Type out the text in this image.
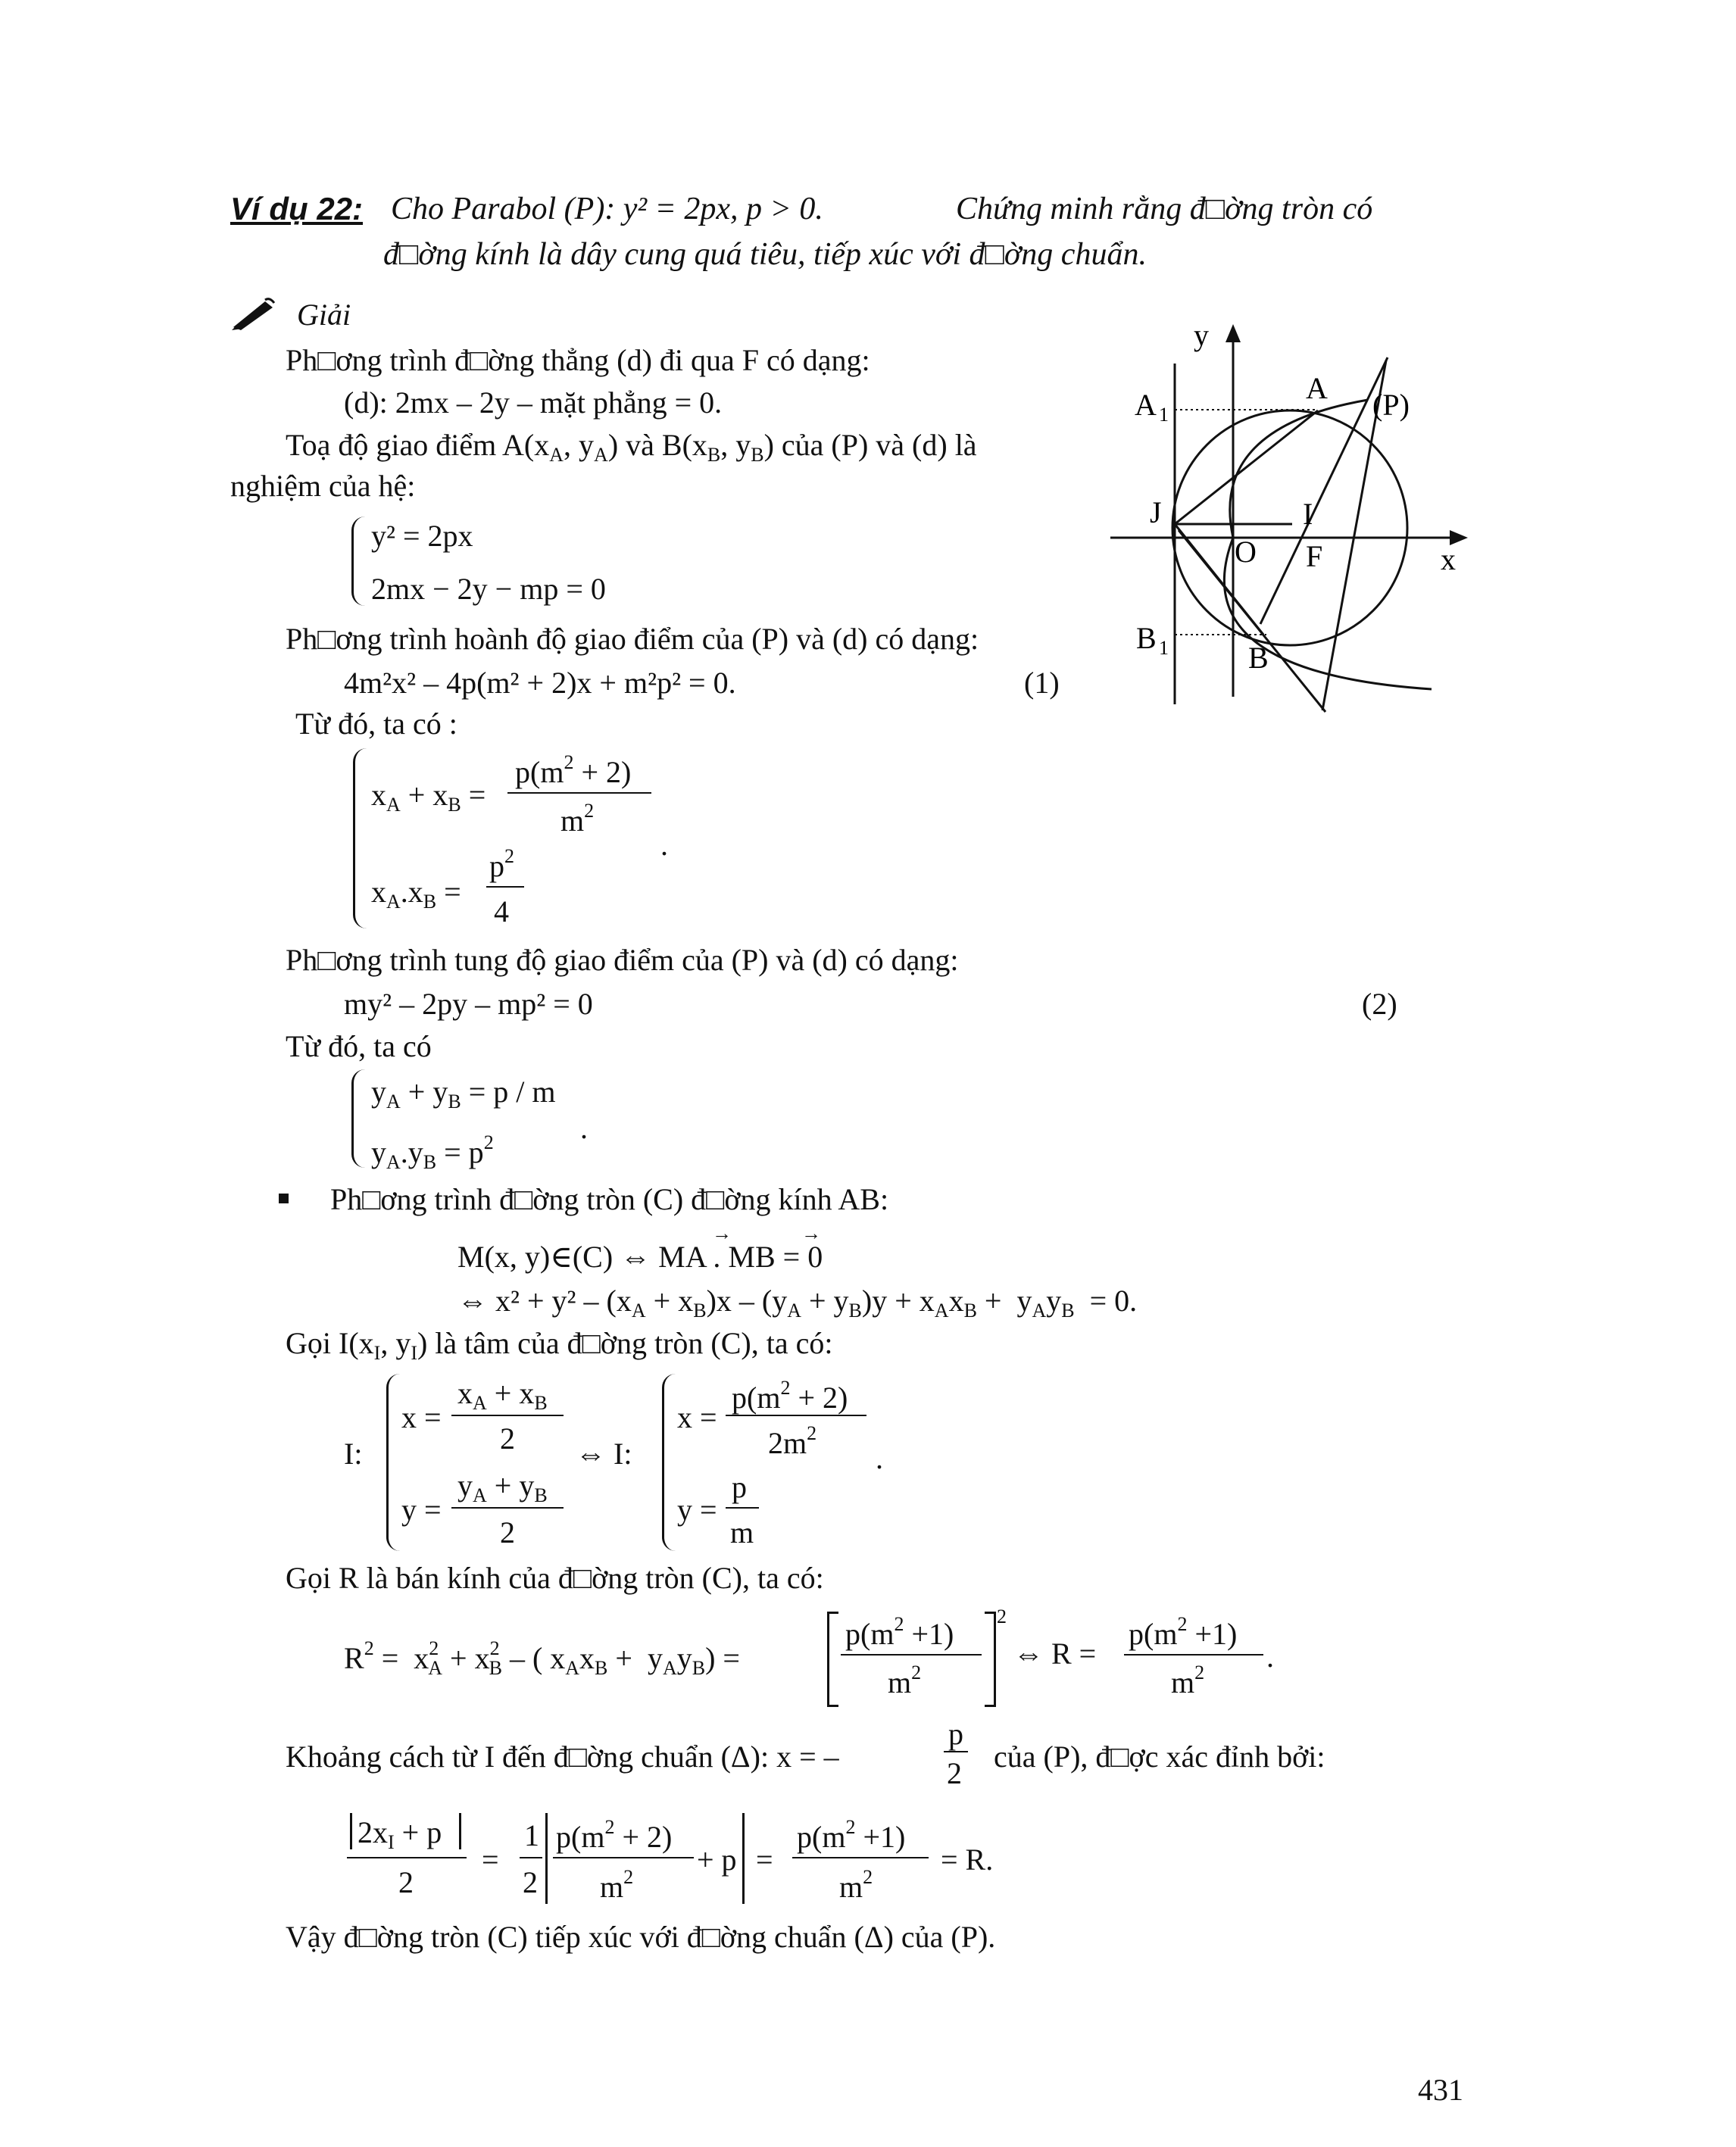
Ví dụ 22: Cho Parabol (P): y² = 2px, p > 0.	Chứng minh rằng đ□ờng tròn có
đ□ờng kính là dây cung quá tiêu, tiếp xúc với đ□ờng chuẩn.
Giải
Ph□ơng trình đ□ờng thẳng (d) đi qua F có dạng:
(d): 2mx – 2y – mặt phẳng = 0.
Toạ độ giao điểm $A(x_A$, $y_A$) và $B(x_B$, $y_B$) của (P) và (d) là
nghiệm của hệ:
y² = 2px
2mx − 2y − mp = 0
Ph□ơng trình hoành độ giao điểm của (P) và (d) có dạng:
4m²x² – 4p(m² + 2)x + m²p² = 0.	(1)
Từ đó, ta có :
$x_A + x_B$ =
$p(m^2 + 2)$
$m^2$
.
$x_A.x_B$ =
$p^2$
4
Ph□ơng trình tung độ giao điểm của (P) và (d) có dạng:
my² – 2py – mp² = 0	(2)
Từ đó, ta có
$y_A + y_B = p / m$
$y_A.y_B = p^2$	.
Ph□ơng trình đ□ờng tròn (C) đ□ờng kính AB:
→	→
M(x, y)∈(C) ⇔ MA . MB = 0
⇔ $x^2 + y^2 - (x_A + x_B)x - (y_A + y_B)y + x_Ax_B + y_Ay_B = 0$.
Gọi $I(x_I$, $y_I$) là tâm của đ□ờng tròn (C), ta có:
I:
x =
$x_A + x_B$
2
y =
$y_A + y_B$
2
⇔ I:
x =
$p(m^2 + 2)$
$2m^2$
y =
p
m
.
Gọi R là bán kính của đ□ờng tròn (C), ta có:
$R^2 = x^2_A + x^2_B$ – ( $x_Ax_B + y_Ay_B$) =
$p(m^2 +1)$
$m^2$
2
⇔ R =
$p(m^2 +1)$
$m^2$ .
Khoảng cách từ I đến đ□ờng chuẩn (Δ): x = –
p
2 của (P), đ□ợc xác đỉnh bởi:
$2x_I + p$
2
=
1
2
$p(m^2 + 2)$
$m^2$
+ p =
$p(m^2 +1)$
$m^2$
= R.
Vậy đ□ờng tròn (C) tiếp xúc với đ□ờng chuẩn (Δ) của (P).
431
y
A
A 1	(P)
J	I
O F	x
B 1	B
